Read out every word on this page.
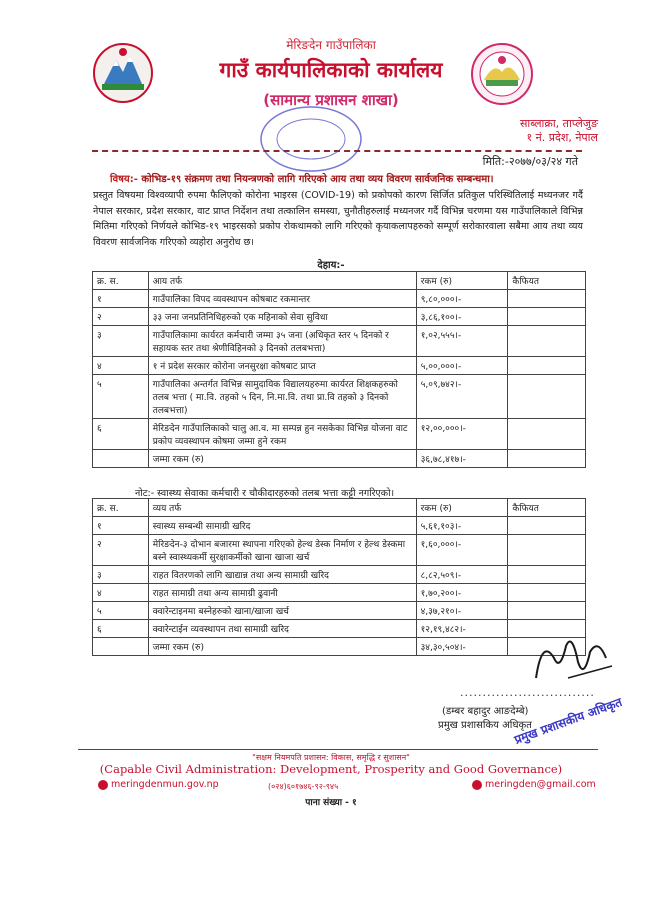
मेरिङदेन गाउँपालिका
गाउँ कार्यपालिकाको कार्यालय
(सामान्य प्रशासन शाखा)
साब्लाक्रा, ताप्लेजुङ
१ नं. प्रदेश, नेपाल
मिति:-२०७७/०३/२४ गते
विषय:- कोभिड-१९ संक्रमण तथा नियन्त्रणको लागि गरिएको आय तथा व्यय विवरण सार्वजनिक सम्बन्धमा।
प्रस्तुत विषयमा विश्वव्यापी रुपमा फैलिएको कोरोना भाइरस (COVID-19) को प्रकोपको कारण सिर्जित प्रतिकुल परिस्थितिलाई मध्यनजर गर्दै नेपाल सरकार, प्रदेश सरकार, वाट प्राप्त निर्देशन तथा तत्कालिन समस्या, चुनौतीहरुलाई मध्यनजर गर्दै विभिन्न चरणमा यस गाउँपालिकाले विभिन्न मितिमा गरिएको निर्णयले कोभिड-१९ भाइरसको प्रकोप रोकथामको लागि गरिएको कृयाकलापहरुको सम्पूर्ण सरोकारवाला सबैमा आय तथा व्यय विवरण सार्वजनिक गरिएको व्यहोरा अनुरोध छ।
देहाय:-
क्र. स.	आय तर्फ	रकम (रु)	कैफियत
१	गाउँपालिका विपद व्यवस्थापन कोषबाट रकमान्तर	९,८०,०००।-	
२	३३ जना जनप्रतिनिधिहरुको एक महिनाको सेवा सुविधा	३,८६,१००।-	
३	गाउँपालिकामा कार्यरत कर्मचारी जम्मा ३५ जना (अधिकृत स्तर ५ दिनको र सहायक स्तर तथा श्रेणीविहिनको ३ दिनको तलबभत्ता)	१,०२,५५५।-	
४	१ नं प्रदेश सरकार कोरोना जनसुरक्षा कोषबाट प्राप्त	५,००,०००।-	
५	गाउँपालिका अन्तर्गत विभिन्न सामुदायिक विद्यालयहरुमा कार्यरत शिक्षकहरुको तलब भत्ता ( मा.वि. तहको ५ दिन, नि.मा.वि. तथा प्रा.वि तहको ३ दिनको तलबभत्ता)	५,०९,७४२।-	
६	मेरिङदेन गाउँपालिकाको चालु आ.व. मा सम्पन्न हुन नसकेका विभिन्न योजना वाट प्रकोप व्यवस्थापन कोषमा जम्मा हुने रकम	१२,००,०००।-	
	जम्मा रकम (रु)	३६,७८,४१७।-	
नोट:- स्वास्थ्य सेवाका कर्मचारी र चौकीदारहरुको तलब भत्ता कट्टी नगरिएको।
क्र. स.	व्यय तर्फ	रकम (रु)	कैफियत
१	स्वास्थ्य सम्बन्धी सामाग्री खरिद	५,६१,१०३।-	
२	मेरिङदेन-३ दोभान बजारमा स्थापना गरिएको हेल्थ डेस्क निर्माण र हेल्थ डेस्कमा बस्ने स्वास्थ्यकर्मी सुरक्षाकर्मीको खाना खाजा खर्च	१,६०,०००।-	
३	राहत वितरणको लागि खाद्यान्न तथा अन्य सामाग्री खरिद	८,८२,५०९।-	
४	राहत सामाग्री तथा अन्य सामाग्री ढुवानी	१,७०,२००।-	
५	क्वारेन्टाइनमा बस्नेहरुको खाना/खाजा खर्च	४,३७,२१०।-	
६	क्वारेन्टाईन व्यवस्थापन तथा सामाग्री खरिद	१२,१९,४८२।-	
	जम्मा रकम (रु)	३४,३०,५०४।-	
..............................
(डम्बर बहादुर आङदेम्बे)
प्रमुख प्रशासकिय अधिकृत
प्रमुख प्रशासकीय अधिकृत
"सक्षम नियमपति प्रशासन: विकास, समृद्धि र सुशासन"
(Capable Civil Administration: Development, Prosperity and Good Governance)
meringdenmun.gov.np	(०२४)६०१७४६-९२-९४५	meringden@gmail.com
पाना संख्या - १
